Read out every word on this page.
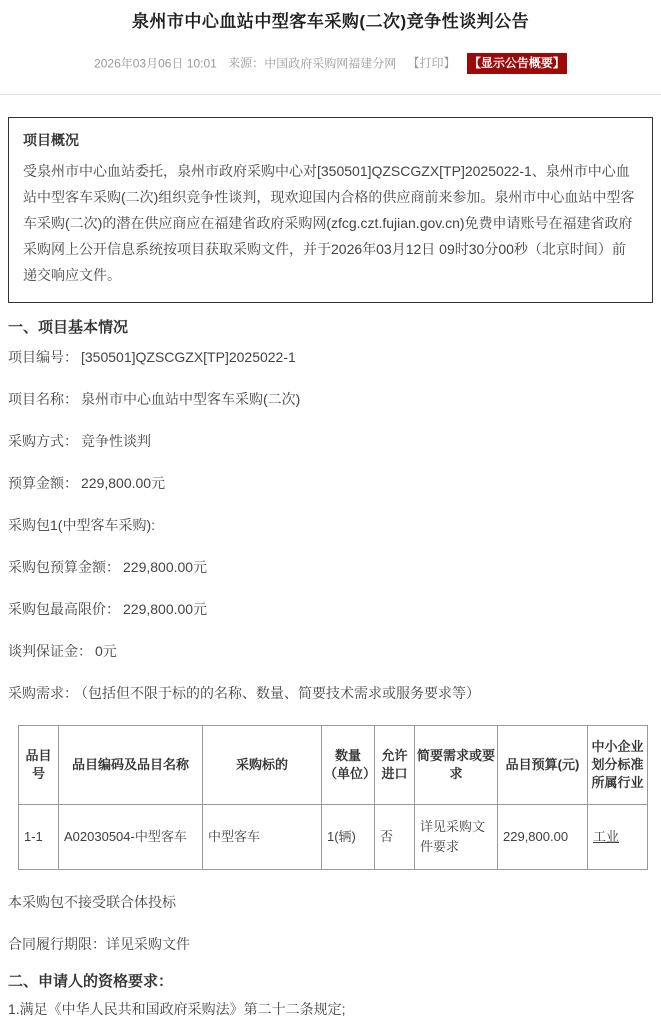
泉州市中心血站中型客车采购(二次)竞争性谈判公告
2026年03月06日 10:01 来源：中国政府采购网福建分网 【打印】 【显示公告概要】
项目概况

受泉州市中心血站委托，泉州市政府采购中心对[350501]QZSCGZX[TP]2025022-1、泉州市中心血站中型客车采购(二次)组织竞争性谈判，现欢迎国内合格的供应商前来参加。泉州市中心血站中型客车采购(二次)的潜在供应商应在福建省政府采购网(zfcg.czt.fujian.gov.cn)免费申请账号在福建省政府采购网上公开信息系统按项目获取采购文件，并于2026年03月12日 09时30分00秒（北京时间）前递交响应文件。

一、项目基本情况

项目编号： [350501]QZSCGZX[TP]2025022-1

项目名称： 泉州市中心血站中型客车采购(二次)

采购方式： 竞争性谈判

预算金额： 229,800.00元

采购包1(中型客车采购):

采购包预算金额： 229,800.00元

采购包最高限价： 229,800.00元

谈判保证金： 0元

采购需求： （包括但不限于标的的名称、数量、简要技术需求或服务要求等）

品目号	品目编码及品目名称	采购标的	数量（单位）	允许进口	简要需求或要求	品目预算(元)	中小企业划分标准所属行业
1-1	A02030504-中型客车	中型客车	1(辆)	否	详见采购文件要求	229,800.00	工业

本采购包不接受联合体投标

合同履行期限：详见采购文件

二、申请人的资格要求：

1.满足《中华人民共和国政府采购法》第二十二条规定;
